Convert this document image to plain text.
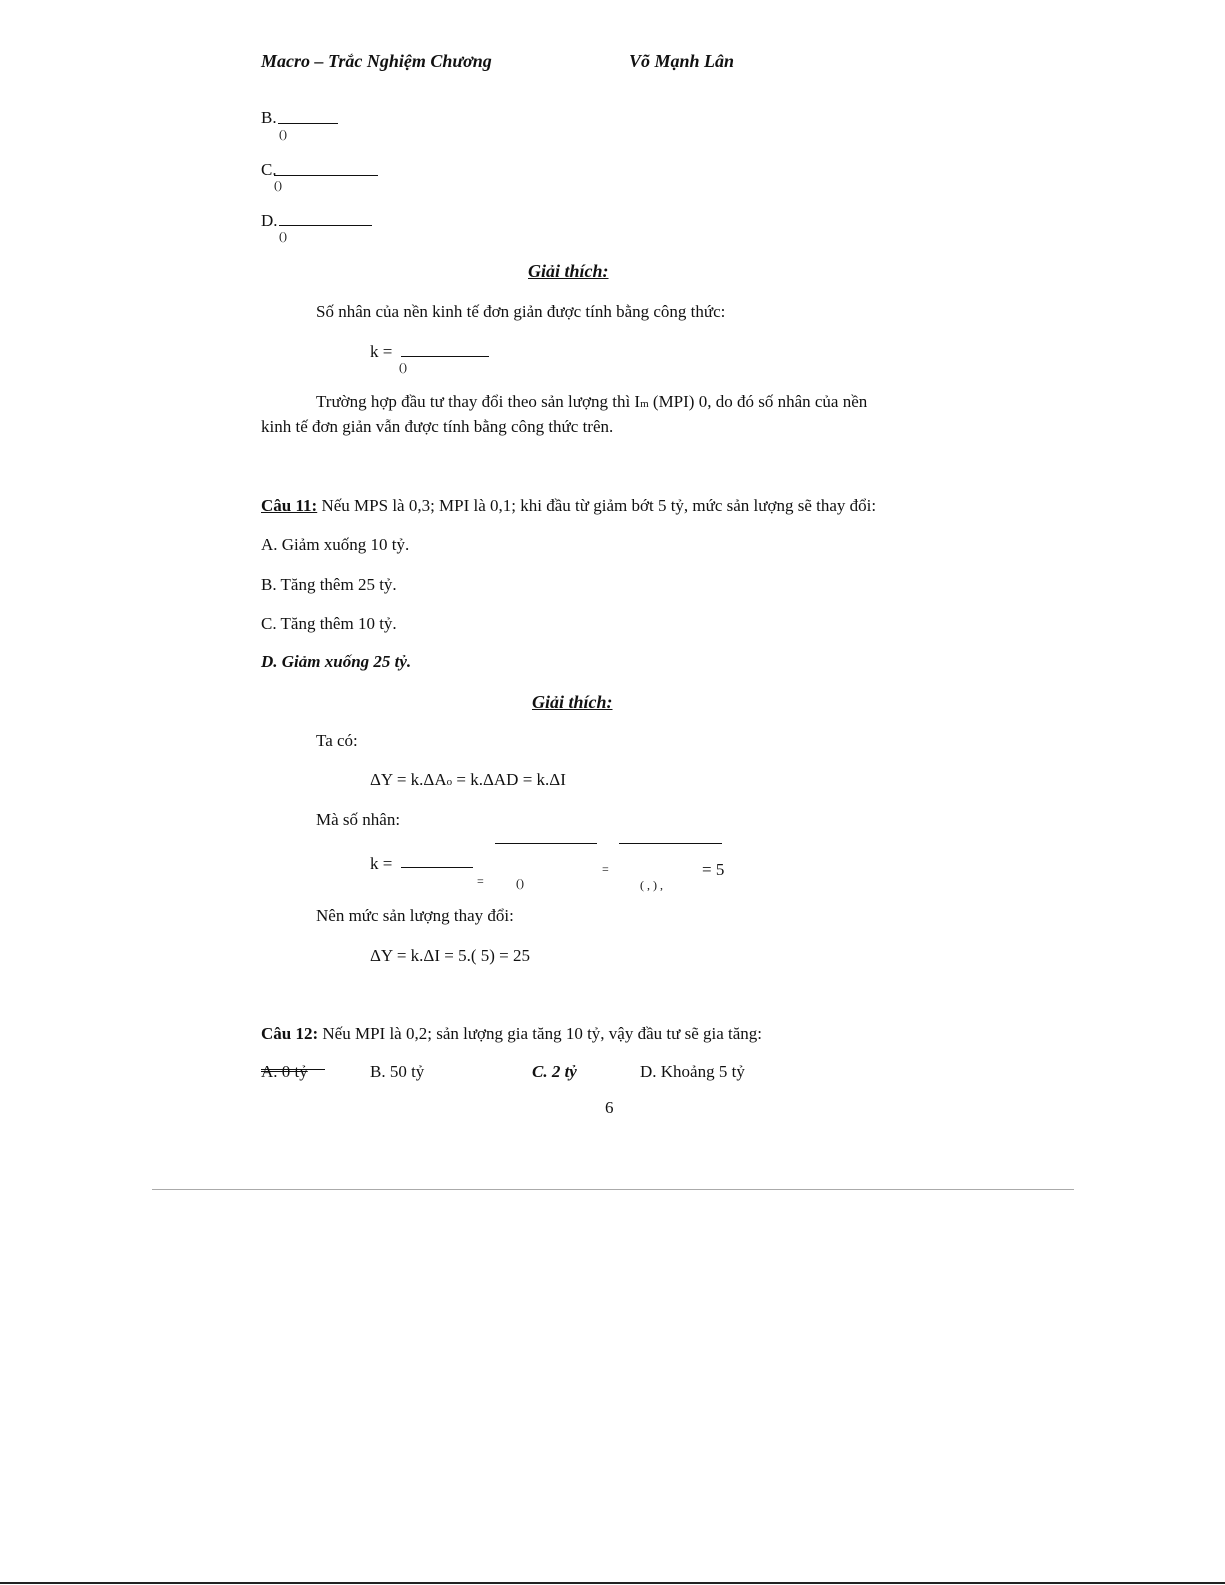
Macro – Trắc Nghiệm Chương	Võ Mạnh Lân
B.
()
C.
()
D.
()
Giải thích:
Số nhân của nền kinh tế đơn giản được tính bằng công thức:
k =
()
Trường hợp đầu tư thay đổi theo sản lượng thì Im (MPI) 0, do đó số nhân của nền
kinh tế đơn giản vẫn được tính bằng công thức trên.
Câu 11: Nếu MPS là 0,3; MPI là 0,1; khi đầu từ giảm bớt 5 tỷ, mức sản lượng sẽ thay đổi:
A. Giảm xuống 10 tỷ.
B. Tăng thêm 25 tỷ.
C. Tăng thêm 10 tỷ.
D. Giảm xuống 25 tỷ.
Giải thích:
Ta có:
ΔY = k.ΔAo = k.ΔAD = k.ΔI
Mà số nhân:
k =
=	()
=
( , ) ,
= 5
Nên mức sản lượng thay đổi:
ΔY = k.ΔI = 5.( 5) = 25
Câu 12: Nếu MPI là 0,2; sản lượng gia tăng 10 tỷ, vậy đầu tư sẽ gia tăng:
A. 0 tỷ	B. 50 tỷ	C. 2 tỷ	D. Khoảng 5 tỷ
6
